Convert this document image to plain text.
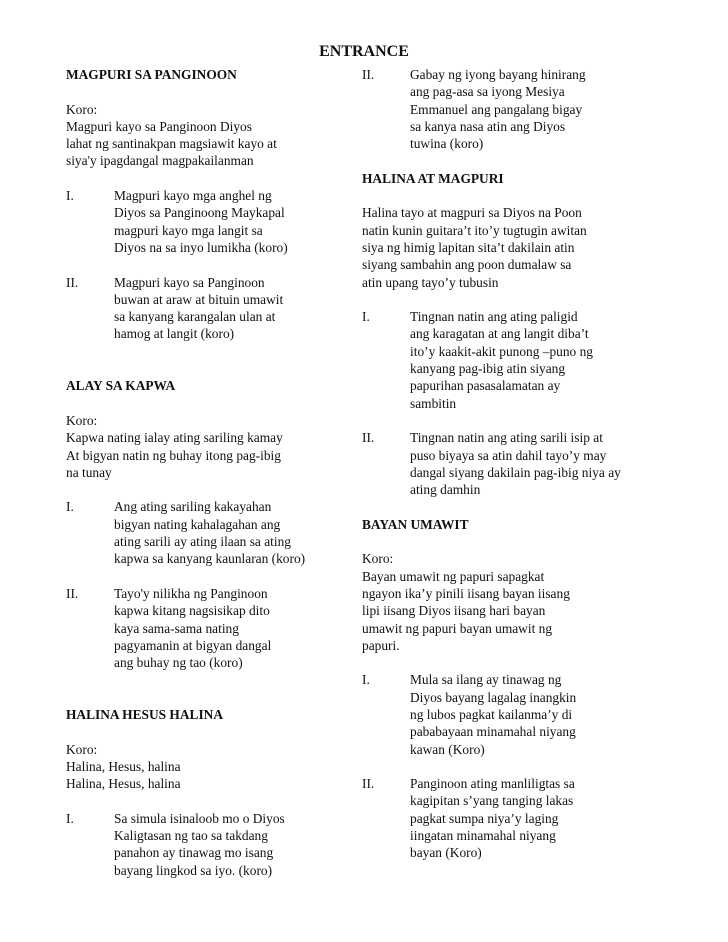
ENTRANCE
MAGPURI SA PANGINOON
Koro:
Magpuri kayo sa Panginoon Diyos
lahat ng santinakpan magsiawit kayo at
siya'y ipagdangal magpakailanman
I.	Magpuri kayo mga anghel ng
Diyos sa Panginoong Maykapal
magpuri kayo mga langit sa
Diyos na sa inyo lumikha (koro)
II.	Magpuri kayo sa Panginoon
buwan at araw at bituin umawit
sa kanyang karangalan ulan at
hamog at langit (koro)
ALAY SA KAPWA
Koro:
Kapwa nating ialay ating sariling kamay
At bigyan natin ng buhay itong pag-ibig
na tunay
I.	Ang ating sariling kakayahan
bigyan nating kahalagahan ang
ating sarili ay ating ilaan sa ating
kapwa sa kanyang kaunlaran (koro)
II.	Tayo'y nilikha ng Panginoon
kapwa kitang nagsisikap dito
kaya sama-sama nating
pagyamanin at bigyan dangal
ang buhay ng tao (koro)
HALINA HESUS HALINA
Koro:
Halina, Hesus, halina
Halina, Hesus, halina
I.	Sa simula isinaloob mo o Diyos
Kaligtasan ng tao sa takdang
panahon ay tinawag mo isang
bayang lingkod sa iyo. (koro)
II.	Gabay ng iyong bayang hinirang
ang pag-asa sa iyong Mesiya
Emmanuel ang pangalang bigay
sa kanya nasa atin ang Diyos
tuwina (koro)
HALINA AT MAGPURI
Halina tayo at magpuri sa Diyos na Poon
natin kunin guitara’t ito’y tugtugin awitan
siya ng himig lapitan sita’t dakilain atin
siyang sambahin ang poon dumalaw sa
atin upang tayo’y tubusin
I.	Tingnan natin ang ating paligid
ang karagatan at ang langit diba’t
ito’y kaakit-akit punong –puno ng
kanyang pag-ibig atin siyang
papurihan pasasalamatan ay
sambitin
II.	Tingnan natin ang ating sarili isip at
puso biyaya sa atin dahil tayo’y may
dangal siyang dakilain pag-ibig niya ay
ating damhin
BAYAN UMAWIT
Koro:
Bayan umawit ng papuri sapagkat
ngayon ika’y pinili iisang bayan iisang
lipi iisang Diyos iisang hari bayan
umawit ng papuri bayan umawit ng
papuri.
I.	Mula sa ilang ay tinawag ng
Diyos bayang lagalag inangkin
ng lubos pagkat kailanma’y di
pababayaan minamahal niyang
kawan (Koro)
II.	Panginoon ating manliligtas sa
kagipitan s’yang tanging lakas
pagkat sumpa niya’y laging
iingatan minamahal niyang
bayan (Koro)
